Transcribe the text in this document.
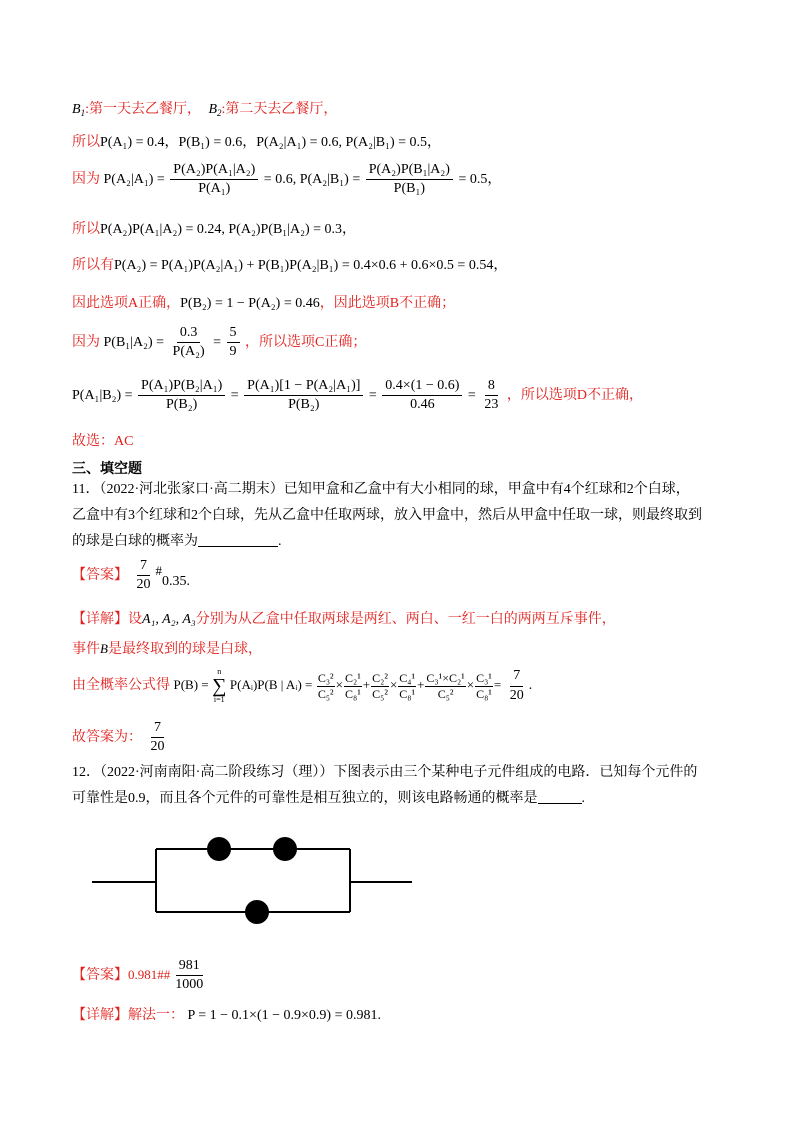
$B_1$:第一天去乙餐厅， $B_2$:第二天去乙餐厅，
所以P(A₁) = 0.4，P(B₁) = 0.6，P(A₂|A₁) = 0.6, P(A₂|B₁) = 0.5，
因为 $P(A_2|A_1) = \frac{\text{P(A₂)P(A₁|A₂)}}{\text{P(A₁)}} = 0.6$, $P(A_2|B_1) = \frac{\text{P(A₂)P(B₁|A₂)}}{\text{P(B₁)}} = 0.5$，
所以P(A₂)P(A₁|A₂) = 0.24, P(A₂)P(B₁|A₂) = 0.3，
所以有P(A₂) = P(A₁)P(A₂|A₁) + P(B₁)P(A₂|B₁) = 0.4×0.6 + 0.6×0.5 = 0.54，
因此选项A正确，P(B₂) = 1 − P(A₂) = 0.46，因此选项B不正确；
因为 $P(B_1|A_2) = \frac{0.3}{\text{P(A₂)}} = \frac{5}{9}$ ，所以选项C正确；
$P(A_1|B_2) = \frac{\text{P(A₁)P(B₂|A₁)}}{\text{P(B₂)}} = \frac{\text{P(A₁)[1 − P(A₂|A₁)]}}{\text{P(B₂)}} = \frac{0.4\times(1 - 0.6)}{0.46} = \frac{8}{23}$ ，所以选项D不正确，
故选：AC
三、填空题
11．（2022·河北张家口·高二期末）已知甲盒和乙盒中有大小相同的球，甲盒中有4个红球和2个白球，
乙盒中有3个红球和2个白球，先从乙盒中任取两球，放入甲盒中，然后从甲盒中任取一球，则最终取到
的球是白球的概率为	.
【答案】 $\frac{7}{20}$ #0.35.
【详解】设A₁, A₂, A₃分别为从乙盒中任取两球是两红、两白、一红一白的两两互斥事件，
事件B是最终取到的球是白球，
由全概率公式得 P(B) =
n
∑
i=1
P(Aᵢ)P(B | Aᵢ) = $\frac{\text{C₃²}}{\text{C₅²}} \times \frac{\text{C₂¹}}{\text{C₈¹}} + \frac{\text{C₂²}}{\text{C₅²}} \times \frac{\text{C₄¹}}{\text{C₈¹}} + \frac{\text{C₃¹×C₂¹}}{\text{C₅²}} \times \frac{\text{C₃¹}}{\text{C₈¹}} = \frac{7}{20}$ .
故答案为： $\frac{7}{20}$
12．（2022·河南南阳·高二阶段练习（理））下图表示由三个某种电子元件组成的电路．已知每个元件的
可靠性是0.9，而且各个元件的可靠性是相互独立的，则该电路畅通的概率是	.
【答案】0.981## $\frac{981}{1000}$
【详解】解法一： P = 1 − 0.1×(1 − 0.9×0.9) = 0.981.
